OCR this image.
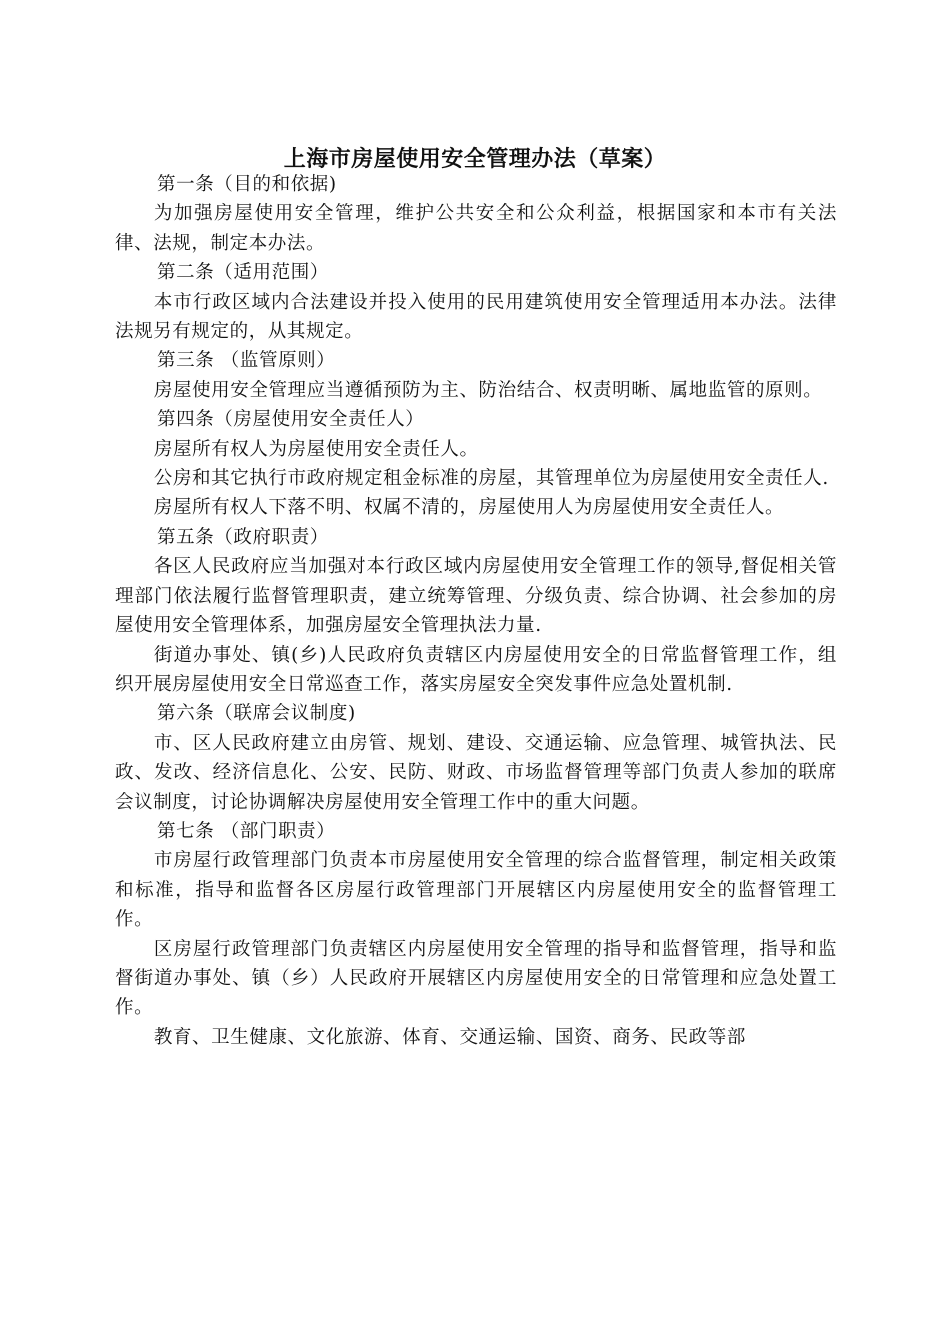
上海市房屋使用安全管理办法（草案）

第一条（目的和依据)

为加强房屋使用安全管理，维护公共安全和公众利益，根据国家和本市有关法律、法规，制定本办法。

第二条（适用范围）

本市行政区域内合法建设并投入使用的民用建筑使用安全管理适用本办法。法律法规另有规定的，从其规定。

第三条 （监管原则）

房屋使用安全管理应当遵循预防为主、防治结合、权责明晰、属地监管的原则。

第四条（房屋使用安全责任人）

房屋所有权人为房屋使用安全责任人。

公房和其它执行市政府规定租金标准的房屋，其管理单位为房屋使用安全责任人.

房屋所有权人下落不明、权属不清的，房屋使用人为房屋使用安全责任人。

第五条（政府职责）

各区人民政府应当加强对本行政区域内房屋使用安全管理工作的领导,督促相关管理部门依法履行监督管理职责，建立统筹管理、分级负责、综合协调、社会参加的房屋使用安全管理体系，加强房屋安全管理执法力量.

街道办事处、镇(乡)人民政府负责辖区内房屋使用安全的日常监督管理工作，组织开展房屋使用安全日常巡查工作，落实房屋安全突发事件应急处置机制.

第六条（联席会议制度)

市、区人民政府建立由房管、规划、建设、交通运输、应急管理、城管执法、民政、发改、经济信息化、公安、民防、财政、市场监督管理等部门负责人参加的联席会议制度，讨论协调解决房屋使用安全管理工作中的重大问题。

第七条 （部门职责）

市房屋行政管理部门负责本市房屋使用安全管理的综合监督管理，制定相关政策和标准，指导和监督各区房屋行政管理部门开展辖区内房屋使用安全的监督管理工作。

区房屋行政管理部门负责辖区内房屋使用安全管理的指导和监督管理，指导和监督街道办事处、镇（乡）人民政府开展辖区内房屋使用安全的日常管理和应急处置工作。

教育、卫生健康、文化旅游、体育、交通运输、国资、商务、民政等部
